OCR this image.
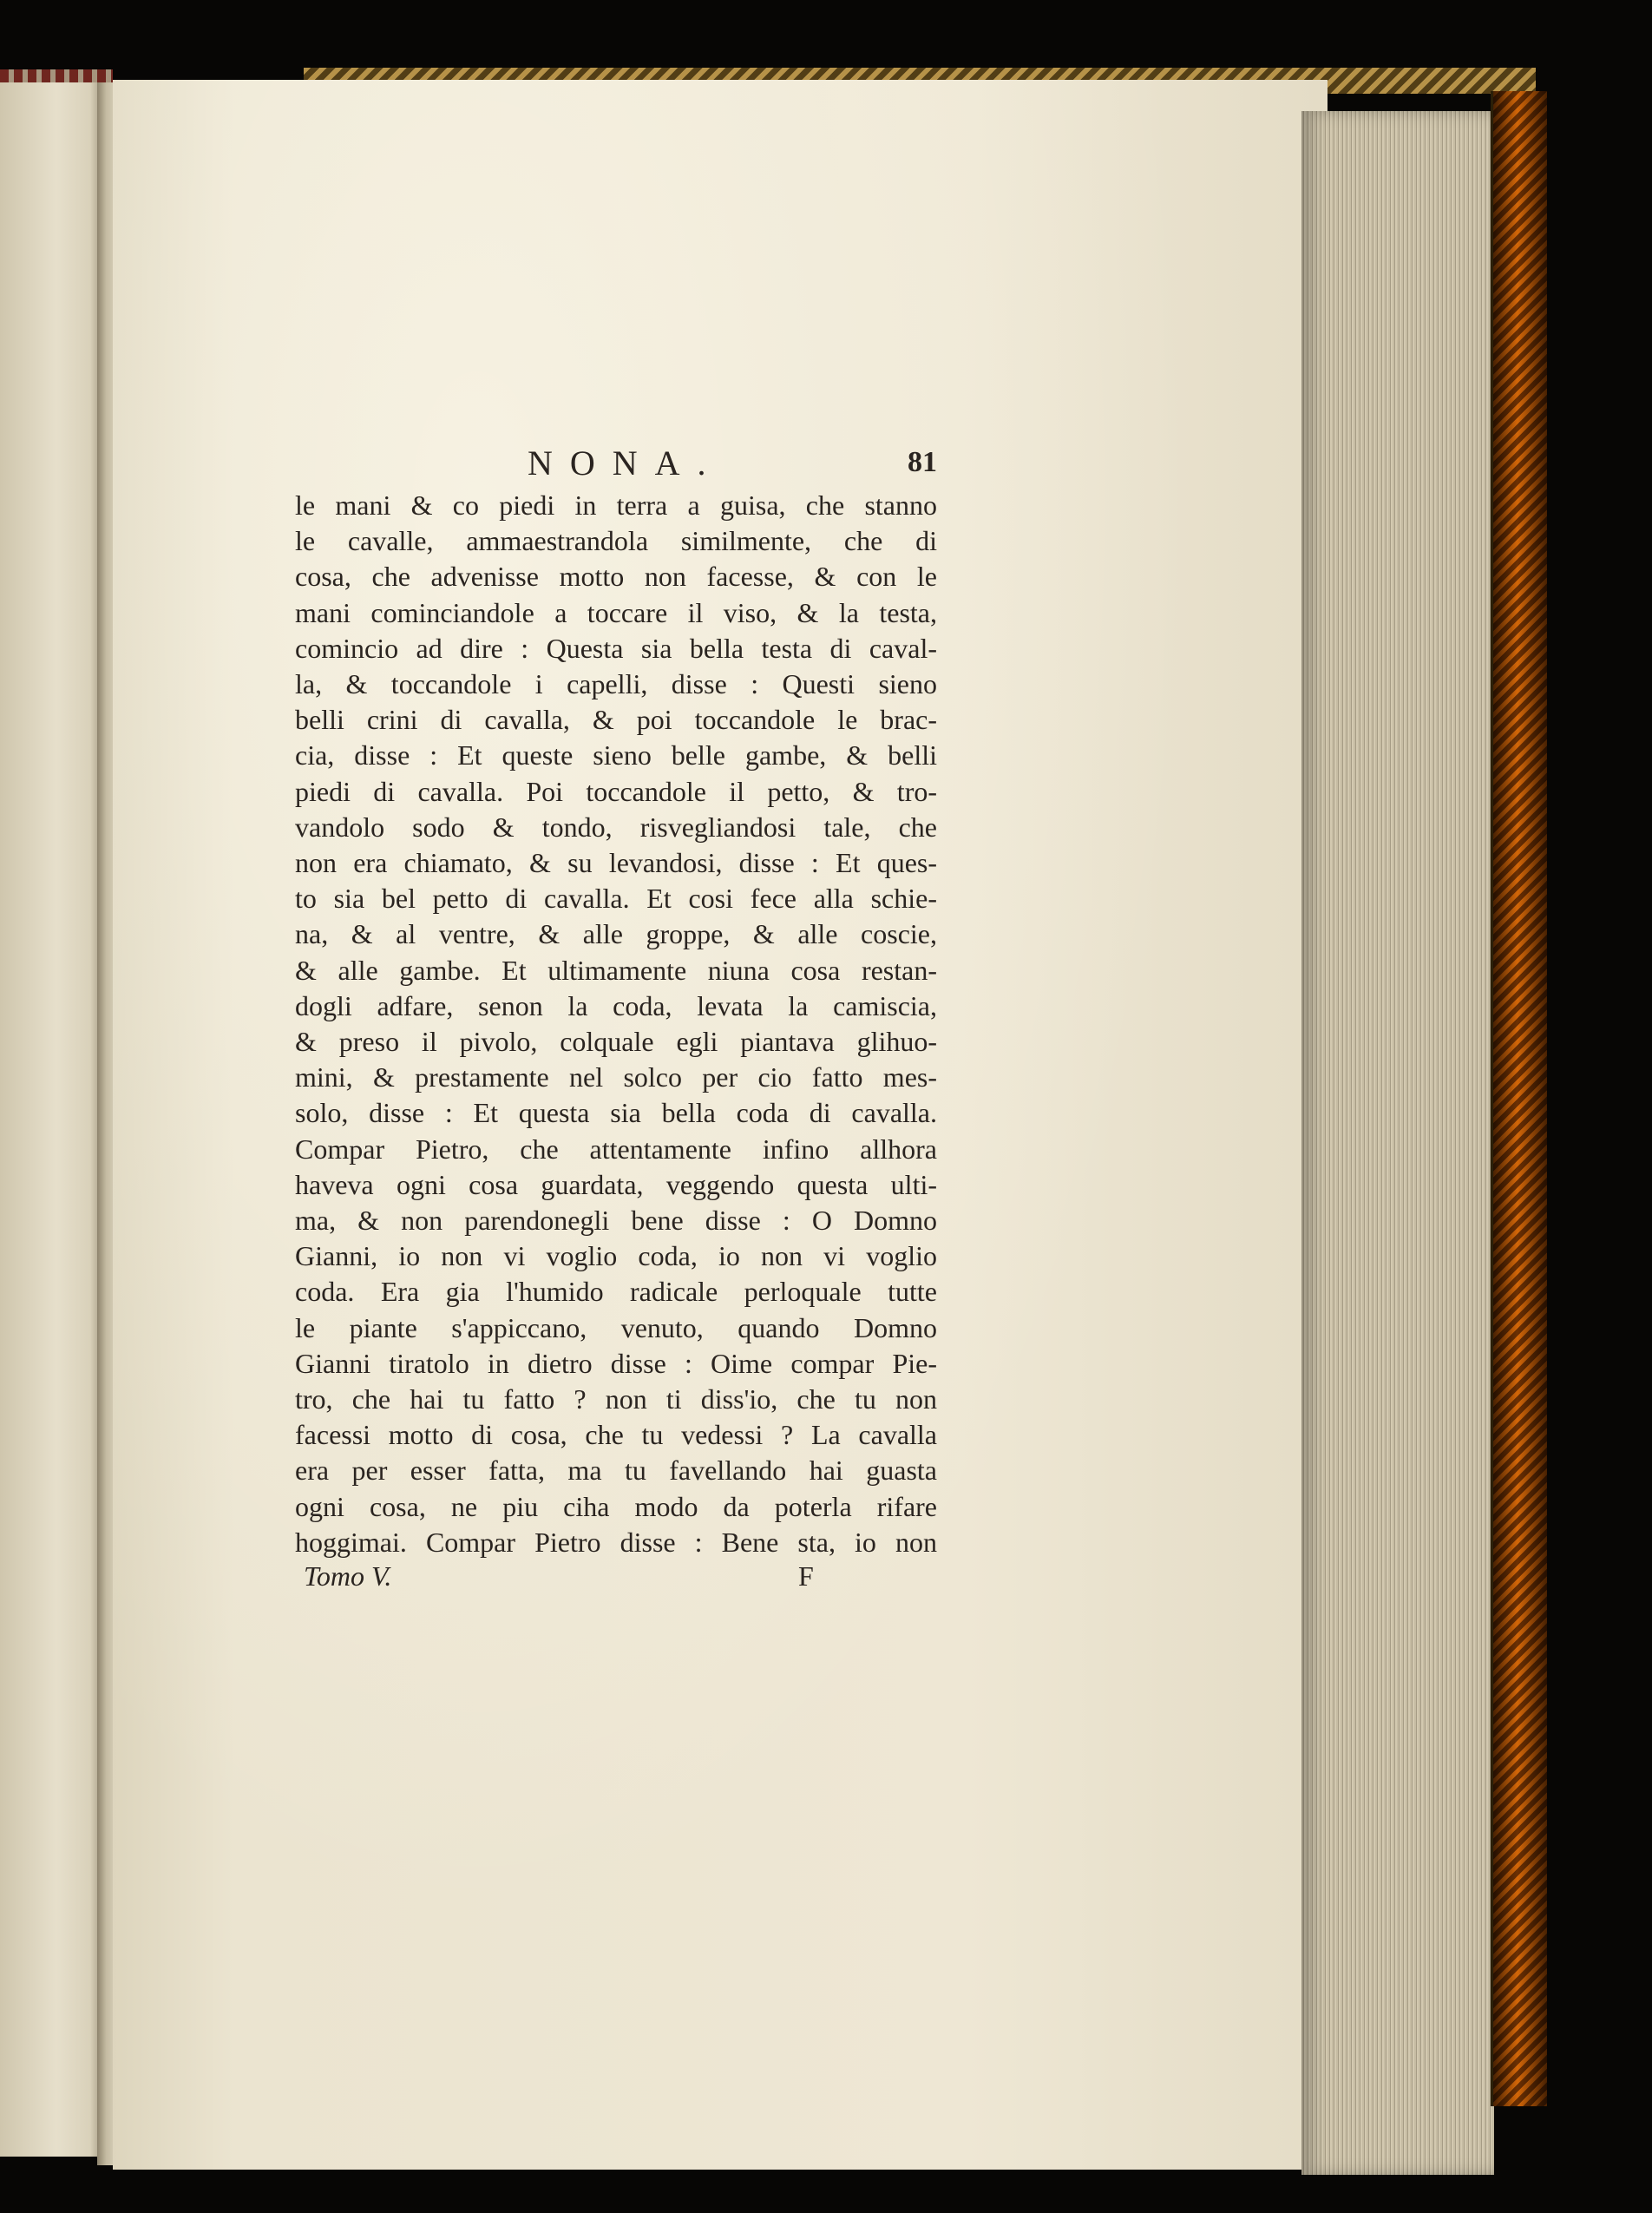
NONA.	81
le mani & co piedi in terra a guisa, che stanno
le cavalle, ammaestrandola similmente, che di
cosa, che advenisse motto non facesse, & con le
mani cominciandole a toccare il viso, & la testa,
comincio ad dire : Questa sia bella testa di caval-
la, & toccandole i capelli, disse : Questi sieno
belli crini di cavalla, & poi toccandole le brac-
cia, disse : Et queste sieno belle gambe, & belli
piedi di cavalla. Poi toccandole il petto, & tro-
vandolo sodo & tondo, risvegliandosi tale, che
non era chiamato, & su levandosi, disse : Et ques-
to sia bel petto di cavalla. Et cosi fece alla schie-
na, & al ventre, & alle groppe, & alle coscie,
& alle gambe. Et ultimamente niuna cosa restan-
dogli adfare, senon la coda, levata la camiscia,
& preso il pivolo, colquale egli piantava glihuo-
mini, & prestamente nel solco per cio fatto mes-
solo, disse : Et questa sia bella coda di cavalla.
Compar Pietro, che attentamente infino allhora
haveva ogni cosa guardata, veggendo questa ulti-
ma, & non parendonegli bene disse : O Domno
Gianni, io non vi voglio coda, io non vi voglio
coda. Era gia l'humido radicale perloquale tutte
le piante s'appiccano, venuto, quando Domno
Gianni tiratolo in dietro disse : Oime compar Pie-
tro, che hai tu fatto ? non ti diss'io, che tu non
facessi motto di cosa, che tu vedessi ? La cavalla
era per esser fatta, ma tu favellando hai guasta
ogni cosa, ne piu ciha modo da poterla rifare
hoggimai. Compar Pietro disse : Bene sta, io non
Tomo V.	F
